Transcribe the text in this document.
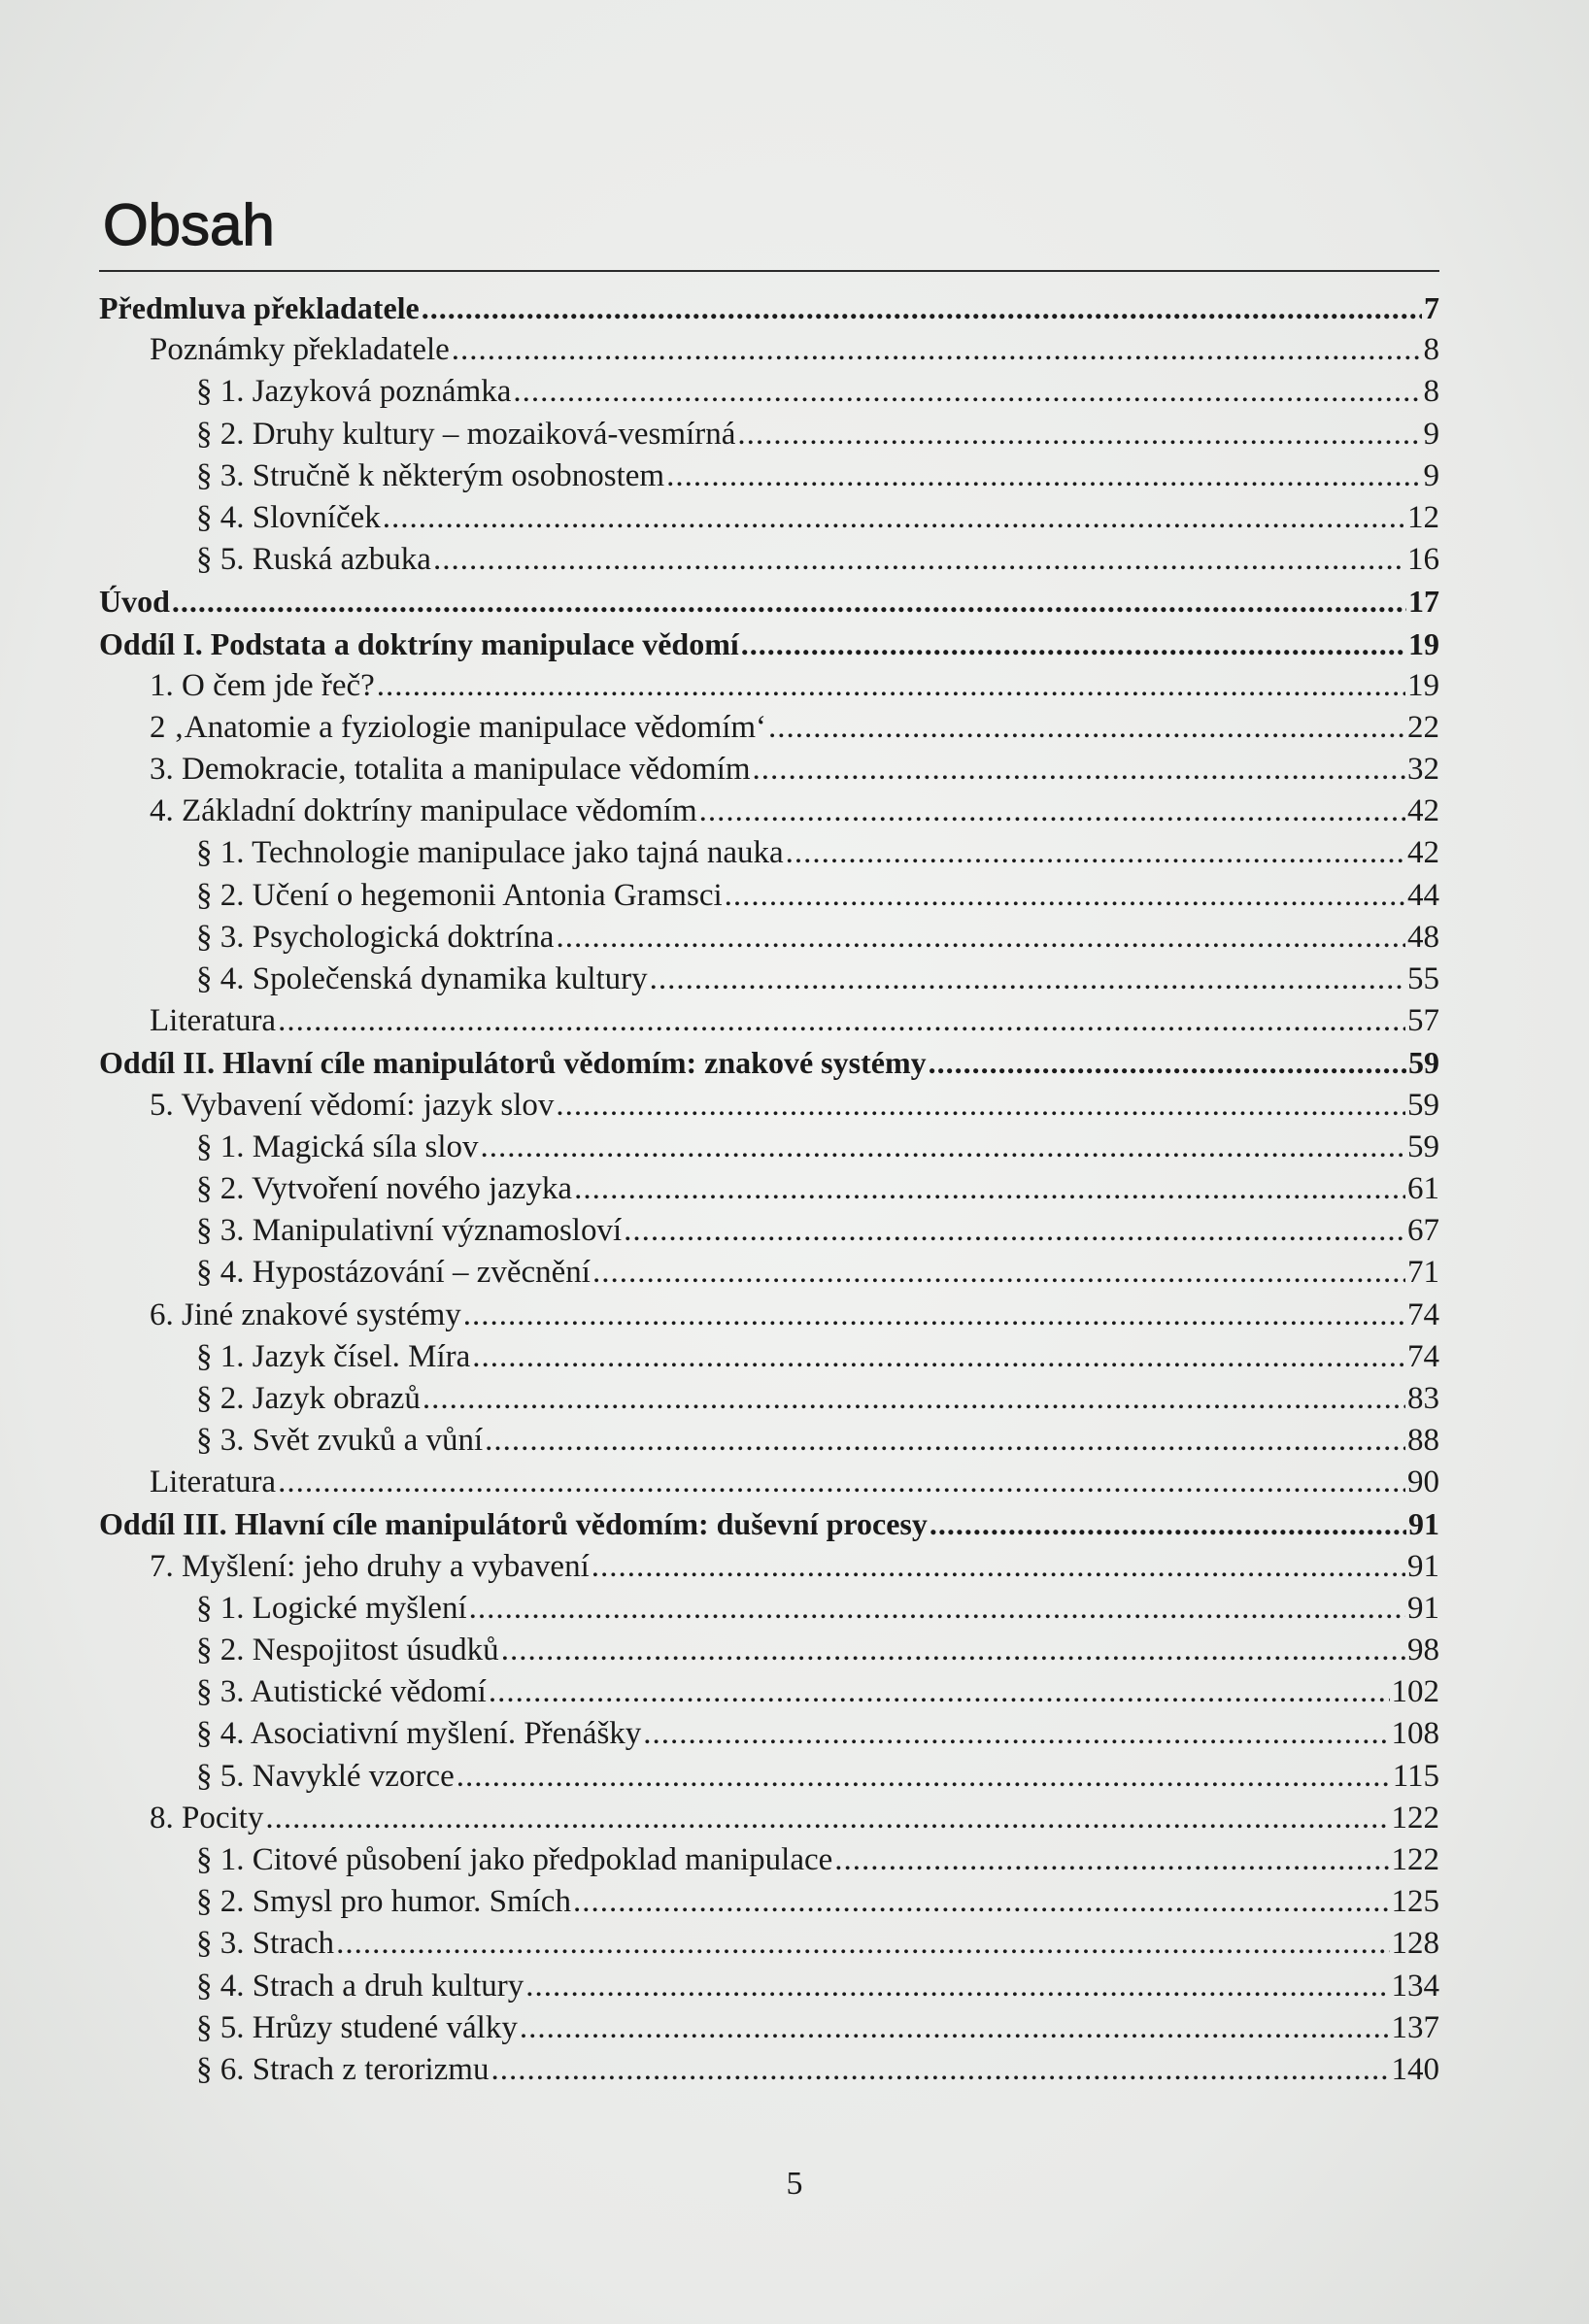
Obsah
Předmluva překladatele .....	7
Poznámky překladatele .....	8
§ 1. Jazyková poznámka .....	8
§ 2. Druhy kultury – mozaiková-vesmírná .....	9
§ 3. Stručně k některým osobnostem .....	9
§ 4. Slovníček .....	12
§ 5. Ruská azbuka .....	16
Úvod .....	17
Oddíl I. Podstata a doktríny manipulace vědomí .....	19
1. O čem jde řeč? .....	19
2 ‚Anatomie a fyziologie manipulace vědomím‘ .....	22
3. Demokracie, totalita a manipulace vědomím .....	32
4. Základní doktríny manipulace vědomím .....	42
§ 1. Technologie manipulace jako tajná nauka .....	42
§ 2. Učení o hegemonii Antonia Gramsci .....	44
§ 3. Psychologická doktrína .....	48
§ 4. Společenská dynamika kultury .....	55
Literatura .....	57
Oddíl II. Hlavní cíle manipulátorů vědomím: znakové systémy .....	59
5. Vybavení vědomí: jazyk slov .....	59
§ 1. Magická síla slov .....	59
§ 2. Vytvoření nového jazyka .....	61
§ 3. Manipulativní významosloví .....	67
§ 4. Hypostázování – zvěcnění .....	71
6. Jiné znakové systémy .....	74
§ 1. Jazyk čísel. Míra .....	74
§ 2. Jazyk obrazů .....	83
§ 3. Svět zvuků a vůní .....	88
Literatura .....	90
Oddíl III. Hlavní cíle manipulátorů vědomím: duševní procesy .....	91
7. Myšlení: jeho druhy a vybavení .....	91
§ 1. Logické myšlení .....	91
§ 2. Nespojitost úsudků .....	98
§ 3. Autistické vědomí .....	102
§ 4. Asociativní myšlení. Přenášky .....	108
§ 5. Navyklé vzorce .....	115
8. Pocity .....	122
§ 1. Citové působení jako předpoklad manipulace .....	122
§ 2. Smysl pro humor. Smích .....	125
§ 3. Strach .....	128
§ 4. Strach a druh kultury .....	134
§ 5. Hrůzy studené války .....	137
§ 6. Strach z terorizmu .....	140
5
